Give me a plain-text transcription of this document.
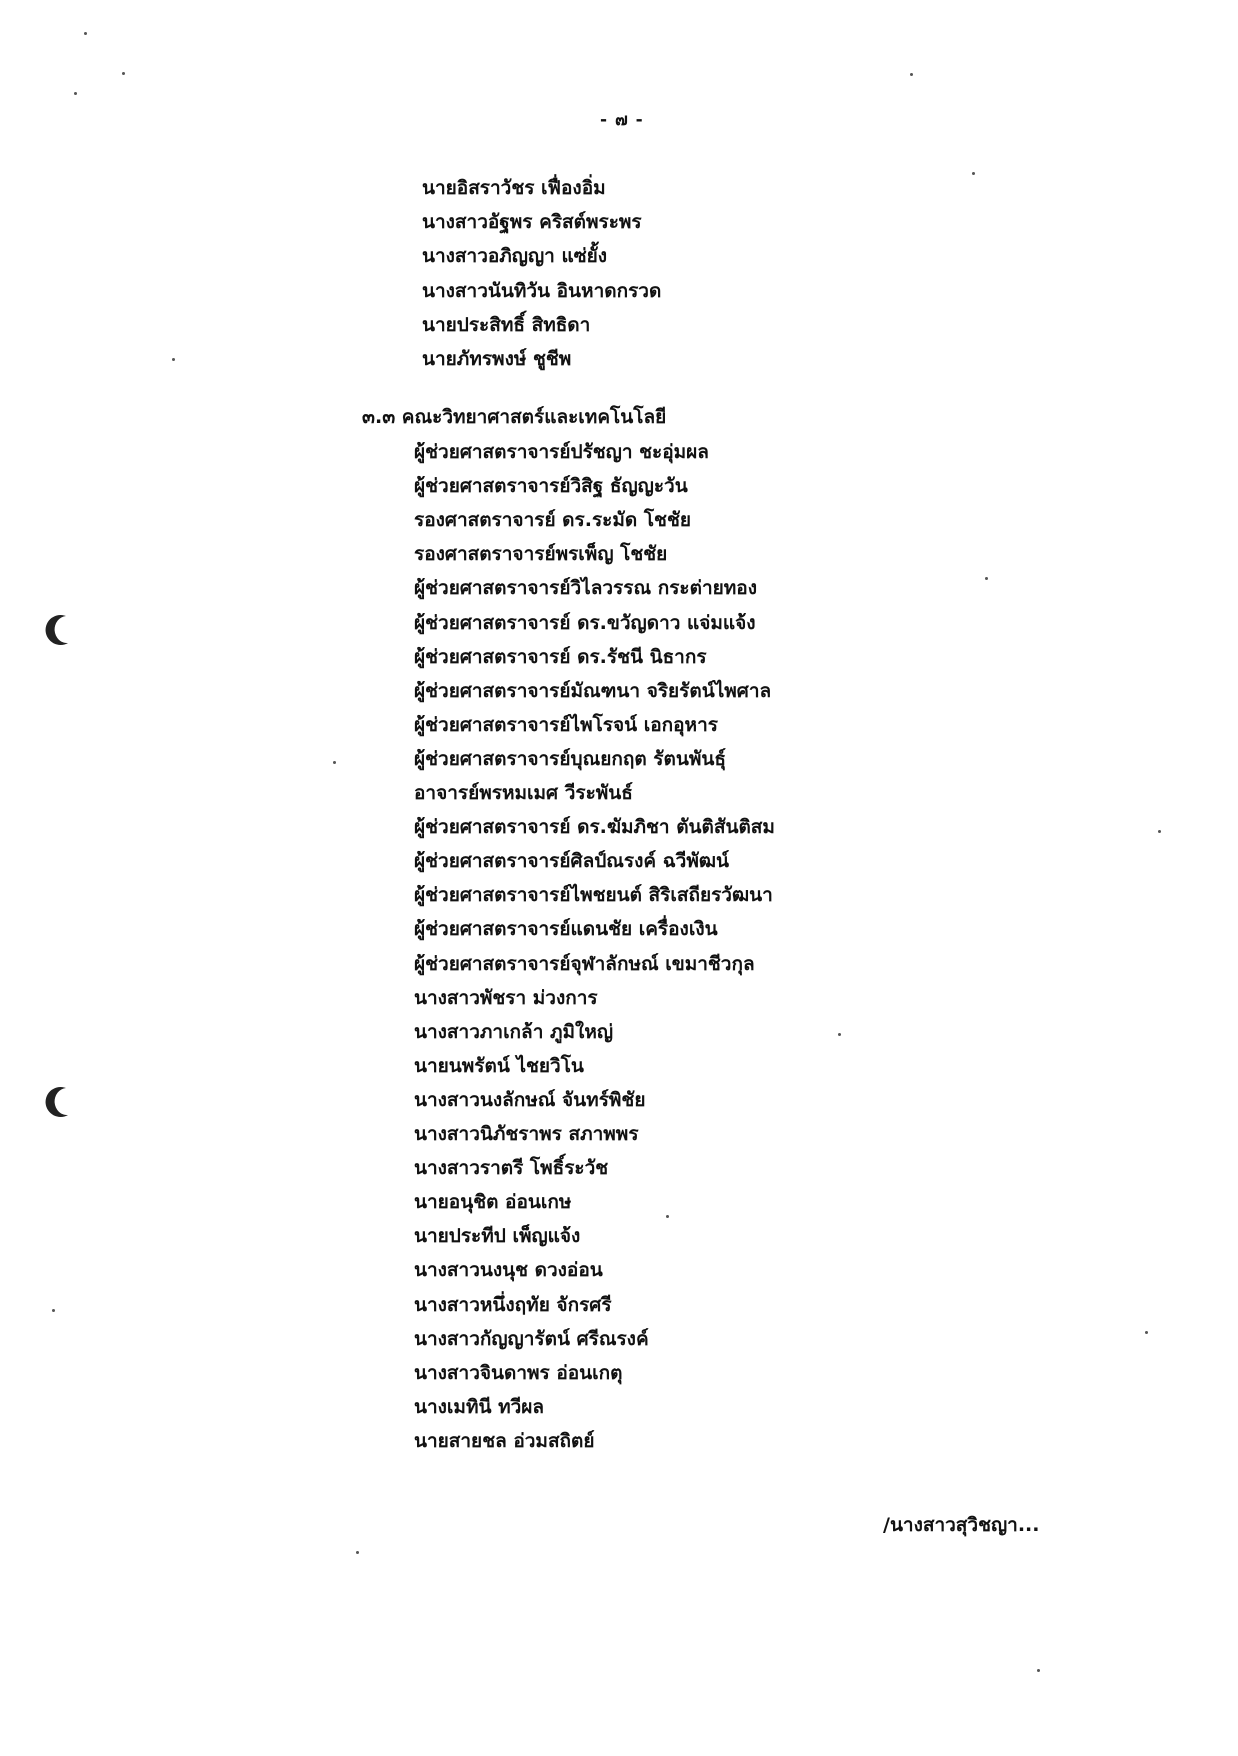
- ๗ -
นายอิสราวัชร เฟื่องอิ่ม
นางสาวอัฐพร คริสต์พระพร
นางสาวอภิญญา แซ่ยั้ง
นางสาวนันทิวัน อินหาดกรวด
นายประสิทธิ์ สิทธิดา
นายภัทรพงษ์ ชูชีพ
๓.๓ คณะวิทยาศาสตร์และเทคโนโลยี
ผู้ช่วยศาสตราจารย์ปรัชญา ชะอุ่มผล
ผู้ช่วยศาสตราจารย์วิสิฐ ธัญญะวัน
รองศาสตราจารย์ ดร.ระมัด โชชัย
รองศาสตราจารย์พรเพ็ญ โชชัย
ผู้ช่วยศาสตราจารย์วิไลวรรณ กระต่ายทอง
ผู้ช่วยศาสตราจารย์ ดร.ขวัญดาว แจ่มแจ้ง
ผู้ช่วยศาสตราจารย์ ดร.รัชนี นิธากร
ผู้ช่วยศาสตราจารย์มัณฑนา จริยรัตน์ไพศาล
ผู้ช่วยศาสตราจารย์ไพโรจน์ เอกอุหาร
ผู้ช่วยศาสตราจารย์บุณยกฤต รัตนพันธุ์
อาจารย์พรหมเมศ วีระพันธ์
ผู้ช่วยศาสตราจารย์ ดร.ฆัมภิชา ตันติสันติสม
ผู้ช่วยศาสตราจารย์ศิลป์ณรงค์ ฉวีพัฒน์
ผู้ช่วยศาสตราจารย์ไพชยนต์ สิริเสถียรวัฒนา
ผู้ช่วยศาสตราจารย์แดนชัย เครื่องเงิน
ผู้ช่วยศาสตราจารย์จุฬาลักษณ์ เขมาชีวกุล
นางสาวพัชรา ม่วงการ
นางสาวภาเกล้า ภูมิใหญ่
นายนพรัตน์ ไชยวิโน
นางสาวนงลักษณ์ จันทร์พิชัย
นางสาวนิภัชราพร สภาพพร
นางสาวราตรี โพธิ์ระวัช
นายอนุชิต อ่อนเกษ
นายประทีป เพ็ญแจ้ง
นางสาวนงนุช ดวงอ่อน
นางสาวหนึ่งฤทัย จักรศรี
นางสาวกัญญารัตน์ ศรีณรงค์
นางสาวจินดาพร อ่อนเกตุ
นางเมทินี ทวีผล
นายสายชล อ่วมสถิตย์
/นางสาวสุวิชญา...
